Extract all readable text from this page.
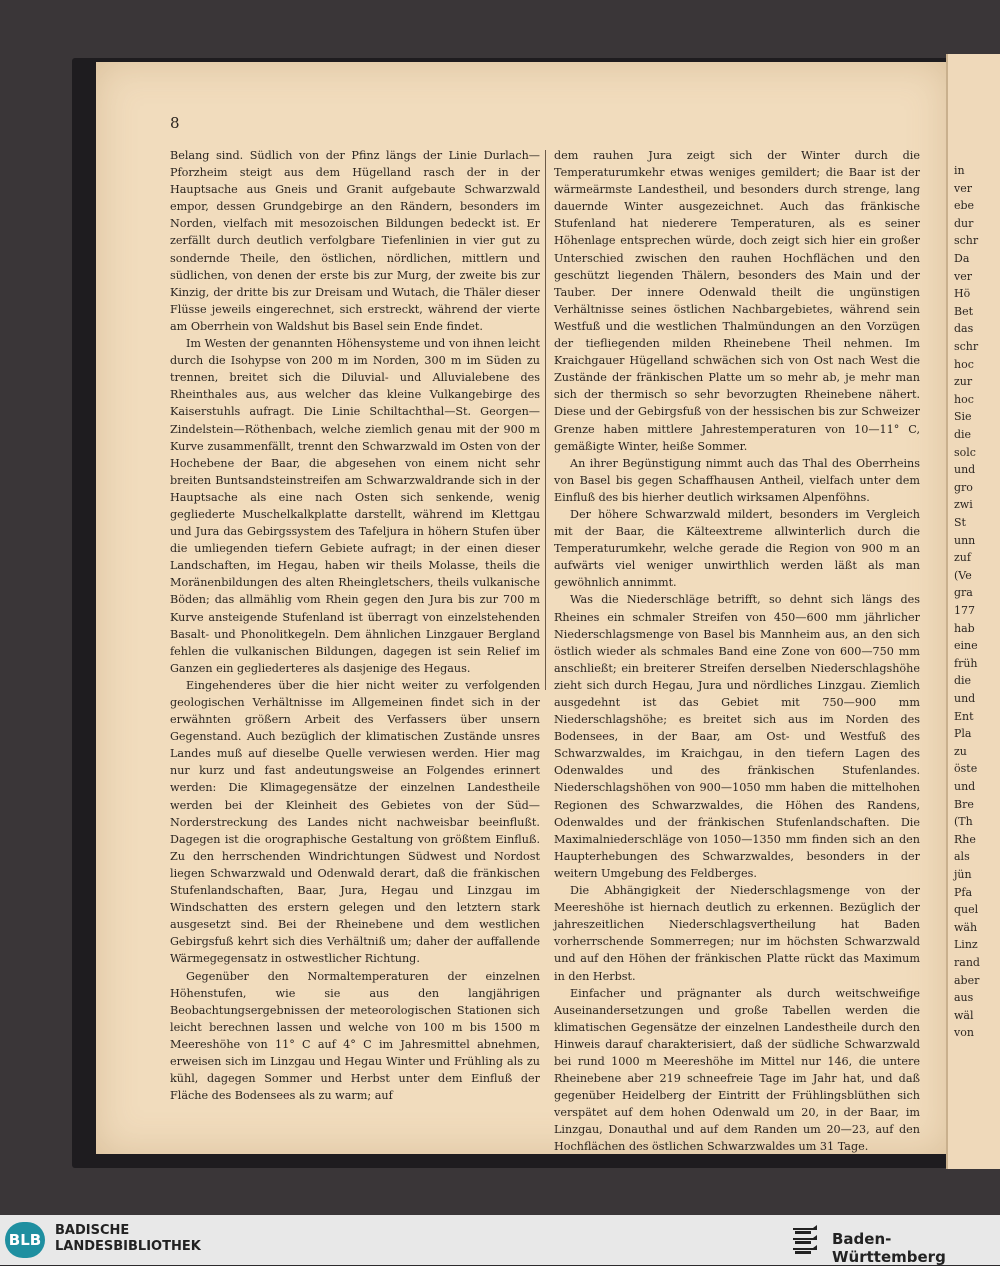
in
ver
ebe
dur
schr
Da
ver
Hö
Bet
das
schr
hoc
zur
hoc
Sie
die
solc
und
gro
zwi
St
unn
zuf
(Ve
gra
177
hab
eine
früh
die
und
Ent
Pla
zu
öste
und
Bre
(Th
Rhe
als
jün
Pfa
quel
wäh
Linz
rand
aber
aus
wäl
von
8

Belang sind. Südlich von der Pfinz längs der Linie Durlach—Pforzheim steigt aus dem Hügelland rasch der in der Hauptsache aus Gneis und Granit aufgebaute Schwarzwald empor, dessen Grundgebirge an den Rändern, besonders im Norden, vielfach mit mesozoischen Bildungen bedeckt ist. Er zerfällt durch deutlich verfolgbare Tiefenlinien in vier gut zu sondernde Theile, den östlichen, nördlichen, mittlern und südlichen, von denen der erste bis zur Murg, der zweite bis zur Kinzig, der dritte bis zur Dreisam und Wutach, die Thäler dieser Flüsse jeweils eingerechnet, sich erstreckt, während der vierte am Oberrhein von Waldshut bis Basel sein Ende findet.

Im Westen der genannten Höhensysteme und von ihnen leicht durch die Isohypse von 200 m im Norden, 300 m im Süden zu trennen, breitet sich die Diluvial- und Alluvialebene des Rheinthales aus, aus welcher das kleine Vulkangebirge des Kaiserstuhls aufragt. Die Linie Schiltachthal—St. Georgen—Zindelstein—Röthenbach, welche ziemlich genau mit der 900 m Kurve zusammenfällt, trennt den Schwarzwald im Osten von der Hochebene der Baar, die abgesehen von einem nicht sehr breiten Buntsandsteinstreifen am Schwarzwaldrande sich in der Hauptsache als eine nach Osten sich senkende, wenig gegliederte Muschelkalkplatte darstellt, während im Klettgau und Jura das Gebirgssystem des Tafeljura in höhern Stufen über die umliegenden tiefern Gebiete aufragt; in der einen dieser Landschaften, im Hegau, haben wir theils Molasse, theils die Moränenbildungen des alten Rheingletschers, theils vulkanische Böden; das allmählig vom Rhein gegen den Jura bis zur 700 m Kurve ansteigende Stufenland ist überragt von einzelstehenden Basalt- und Phonolitkegeln. Dem ähnlichen Linzgauer Bergland fehlen die vulkanischen Bildungen, dagegen ist sein Relief im Ganzen ein gegliederteres als dasjenige des Hegaus.

Eingehenderes über die hier nicht weiter zu verfolgenden geologischen Verhältnisse im Allgemeinen findet sich in der erwähnten größern Arbeit des Verfassers über unsern Gegenstand. Auch bezüglich der klimatischen Zustände unsres Landes muß auf dieselbe Quelle verwiesen werden. Hier mag nur kurz und fast andeutungsweise an Folgendes erinnert werden: Die Klimagegensätze der einzelnen Landestheile werden bei der Kleinheit des Gebietes von der Süd—Norderstreckung des Landes nicht nachweisbar beeinflußt. Dagegen ist die orographische Gestaltung von größtem Einfluß. Zu den herrschenden Windrichtungen Südwest und Nordost liegen Schwarzwald und Odenwald derart, daß die fränkischen Stufenlandschaften, Baar, Jura, Hegau und Linzgau im Windschatten des erstern gelegen und den letztern stark ausgesetzt sind. Bei der Rheinebene und dem westlichen Gebirgsfuß kehrt sich dies Verhältniß um; daher der auffallende Wärmegegensatz in ostwestlicher Richtung.

Gegenüber den Normaltemperaturen der einzelnen Höhenstufen, wie sie aus den langjährigen Beobachtungsergebnissen der meteorologischen Stationen sich leicht berechnen lassen und welche von 100 m bis 1500 m Meereshöhe von 11° C auf 4° C im Jahresmittel abnehmen, erweisen sich im Linzgau und Hegau Winter und Frühling als zu kühl, dagegen Sommer und Herbst unter dem Einfluß der Fläche des Bodensees als zu warm; auf

dem rauhen Jura zeigt sich der Winter durch die Temperaturumkehr etwas weniges gemildert; die Baar ist der wärmeärmste Landestheil, und besonders durch strenge, lang dauernde Winter ausgezeichnet. Auch das fränkische Stufenland hat niederere Temperaturen, als es seiner Höhenlage entsprechen würde, doch zeigt sich hier ein großer Unterschied zwischen den rauhen Hochflächen und den geschützt liegenden Thälern, besonders des Main und der Tauber. Der innere Odenwald theilt die ungünstigen Verhältnisse seines östlichen Nachbargebietes, während sein Westfuß und die westlichen Thalmündungen an den Vorzügen der tiefliegenden milden Rheinebene Theil nehmen. Im Kraichgauer Hügelland schwächen sich von Ost nach West die Zustände der fränkischen Platte um so mehr ab, je mehr man sich der thermisch so sehr bevorzugten Rheinebene nähert. Diese und der Gebirgsfuß von der hessischen bis zur Schweizer Grenze haben mittlere Jahrestemperaturen von 10—11° C, gemäßigte Winter, heiße Sommer.

An ihrer Begünstigung nimmt auch das Thal des Oberrheins von Basel bis gegen Schaffhausen Antheil, vielfach unter dem Einfluß des bis hierher deutlich wirksamen Alpenföhns.

Der höhere Schwarzwald mildert, besonders im Vergleich mit der Baar, die Kälteextreme allwinterlich durch die Temperaturumkehr, welche gerade die Region von 900 m an aufwärts viel weniger unwirthlich werden läßt als man gewöhnlich annimmt.

Was die Niederschläge betrifft, so dehnt sich längs des Rheines ein schmaler Streifen von 450—600 mm jährlicher Niederschlagsmenge von Basel bis Mannheim aus, an den sich östlich wieder als schmales Band eine Zone von 600—750 mm anschließt; ein breiterer Streifen derselben Niederschlagshöhe zieht sich durch Hegau, Jura und nördliches Linzgau. Ziemlich ausgedehnt ist das Gebiet mit 750—900 mm Niederschlagshöhe; es breitet sich aus im Norden des Bodensees, in der Baar, am Ost- und Westfuß des Schwarzwaldes, im Kraichgau, in den tiefern Lagen des Odenwaldes und des fränkischen Stufenlandes. Niederschlagshöhen von 900—1050 mm haben die mittelhohen Regionen des Schwarzwaldes, die Höhen des Randens, Odenwaldes und der fränkischen Stufenlandschaften. Die Maximalniederschläge von 1050—1350 mm finden sich an den Haupterhebungen des Schwarzwaldes, besonders in der weitern Umgebung des Feldberges.

Die Abhängigkeit der Niederschlagsmenge von der Meereshöhe ist hiernach deutlich zu erkennen. Bezüglich der jahreszeitlichen Niederschlagsvertheilung hat Baden vorherrschende Sommerregen; nur im höchsten Schwarzwald und auf den Höhen der fränkischen Platte rückt das Maximum in den Herbst.

Einfacher und prägnanter als durch weitschweifige Auseinandersetzungen und große Tabellen werden die klimatischen Gegensätze der einzelnen Landestheile durch den Hinweis darauf charakterisiert, daß der südliche Schwarzwald bei rund 1000 m Meereshöhe im Mittel nur 146, die untere Rheinebene aber 219 schneefreie Tage im Jahr hat, und daß gegenüber Heidelberg der Eintritt der Frühlingsblüthen sich verspätet auf dem hohen Odenwald um 20, in der Baar, im Linzgau, Donauthal und auf dem Randen um 20—23, auf den Hochflächen des östlichen Schwarzwaldes um 31 Tage.

BLB
BADISCHE
LANDESBIBLIOTHEK	Baden-Württemberg
